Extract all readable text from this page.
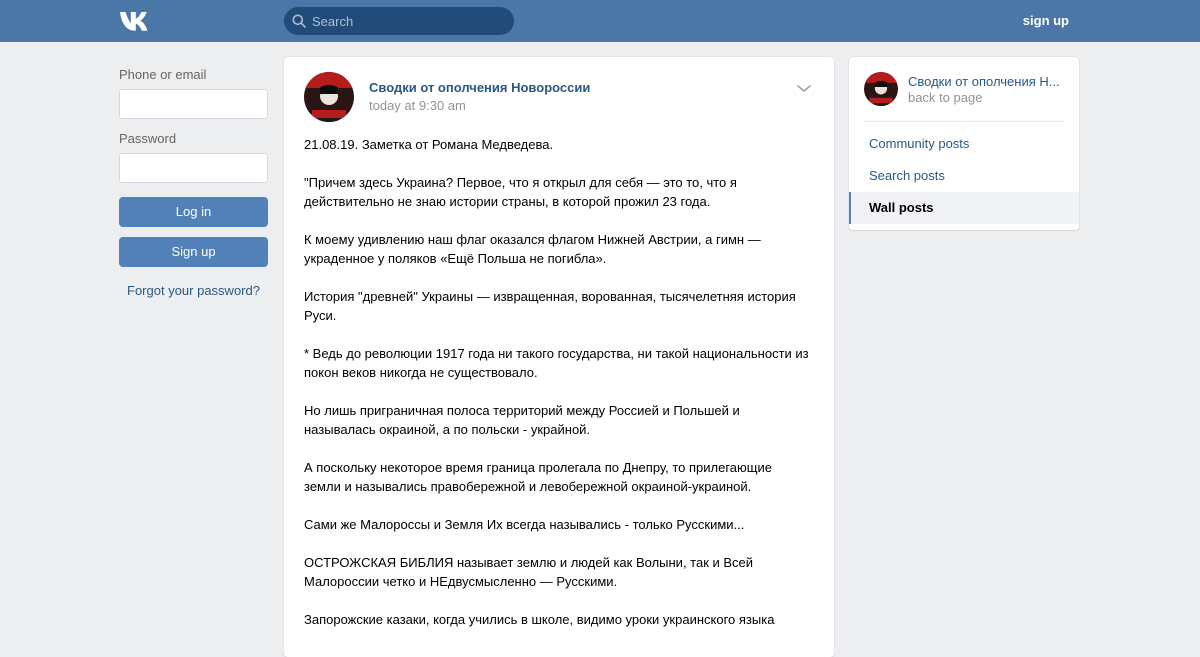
Search
sign up
Phone or email
Password
Log in
Sign up
Forgot your password?
Сводки от ополчения Новороссии
today at 9:30 am

21.08.19. Заметка от Романа Медведева.

"Причем здесь Украина? Первое, что я открыл для себя — это то, что я действительно не знаю истории страны, в которой прожил 23 года.

К моему удивлению наш флаг оказался флагом Нижней Австрии, а гимн — украденное у поляков «Ещё Польша не погибла».

История "древней" Украины — извращенная, ворованная, тысячелетняя история Руси.

* Ведь до революции 1917 года ни такого государства, ни такой национальности из покон веков никогда не существовало.

Но лишь приграничная полоса территорий между Россией и Польшей и называлась окраиной, а по польски - украйной.

А поскольку некоторое время граница пролегала по Днепру, то прилегающие земли и назывались правобережной и левобережной окраиной-украиной.

Сами же Малороссы и Земля Их всегда назывались - только Русскими...

ОСТРОЖСКАЯ БИБЛИЯ называет землю и людей как Волыни, так и Всей Малороссии четко и НЕдвусмысленно — Русскими.

Запорожские казаки, когда учились в школе, видимо уроки украинского языка

Сводки от ополчения Н...
back to page
Community posts
Search posts
Wall posts
